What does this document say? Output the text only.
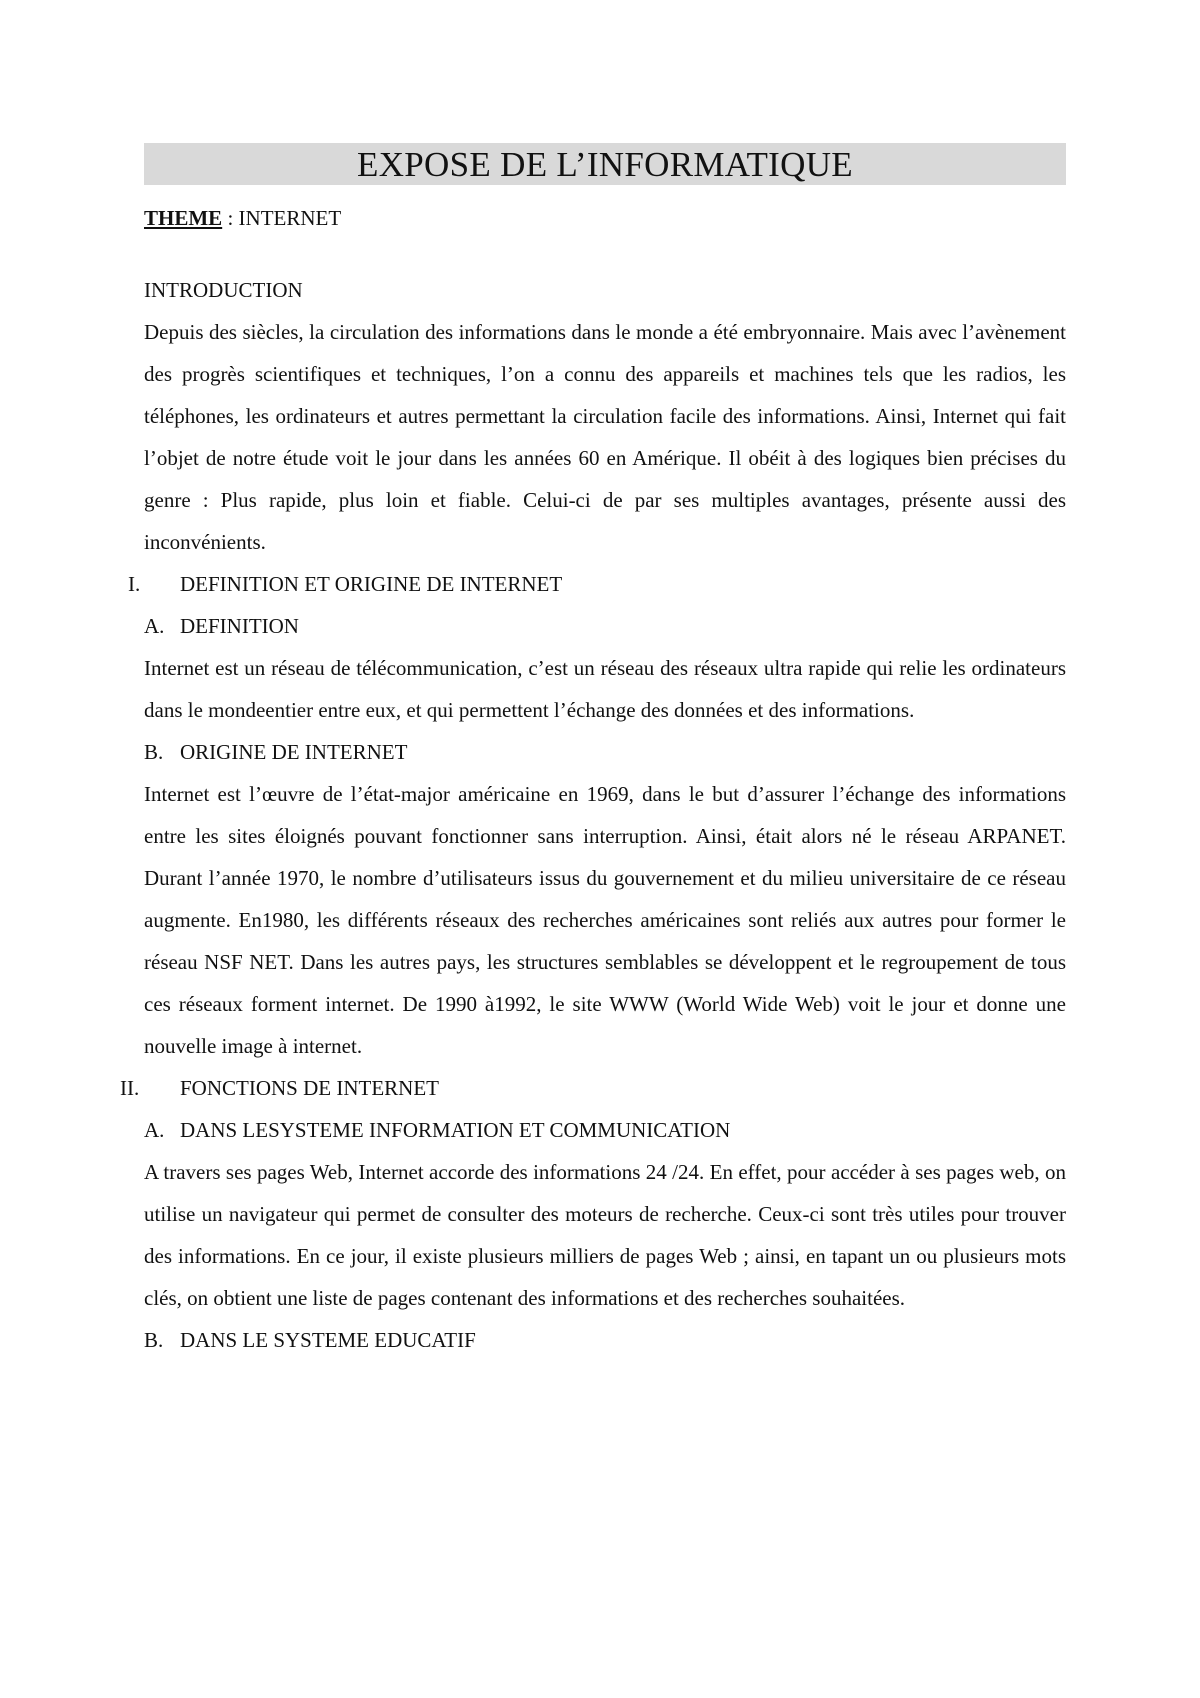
EXPOSE DE L’INFORMATIQUE

THEME : INTERNET

INTRODUCTION

Depuis des siècles, la circulation des informations dans le monde a été embryonnaire. Mais avec l’avènement des progrès scientifiques et techniques, l’on a connu des appareils et machines tels que les radios, les téléphones, les ordinateurs et autres permettant la circulation facile des informations. Ainsi, Internet qui fait l’objet de notre étude voit le jour dans les années 60 en Amérique. Il obéit à des logiques bien précises du genre : Plus rapide, plus loin et fiable. Celui-ci de par ses multiples avantages, présente aussi des inconvénients.

I.	DEFINITION ET ORIGINE DE INTERNET
A. DEFINITION

Internet est un réseau de télécommunication, c’est un réseau des réseaux ultra rapide qui relie les ordinateurs dans le mondeentier entre eux, et qui permettent l’échange des données et des informations.

B. ORIGINE DE INTERNET

Internet est l’œuvre de l’état-major américaine en 1969, dans le but d’assurer l’échange des informations entre les sites éloignés pouvant fonctionner sans interruption. Ainsi, était alors né le réseau ARPANET. Durant l’année 1970, le nombre d’utilisateurs issus du gouvernement et du milieu universitaire de ce réseau augmente. En1980, les différents réseaux des recherches américaines sont reliés aux autres pour former le réseau NSF NET. Dans les autres pays, les structures semblables se développent et le regroupement de tous ces réseaux forment internet. De 1990 à1992, le site WWW (World Wide Web) voit le jour et donne une nouvelle image à internet.

II.	FONCTIONS DE INTERNET
A. DANS LESYSTEME INFORMATION ET COMMUNICATION

A travers ses pages Web, Internet accorde des informations 24 /24. En effet, pour accéder à ses pages web, on utilise un navigateur qui permet de consulter des moteurs de recherche. Ceux-ci sont très utiles pour trouver des informations. En ce jour, il existe plusieurs milliers de pages Web ; ainsi, en tapant un ou plusieurs mots clés, on obtient une liste de pages contenant des informations et des recherches souhaitées.

B. DANS LE SYSTEME EDUCATIF
